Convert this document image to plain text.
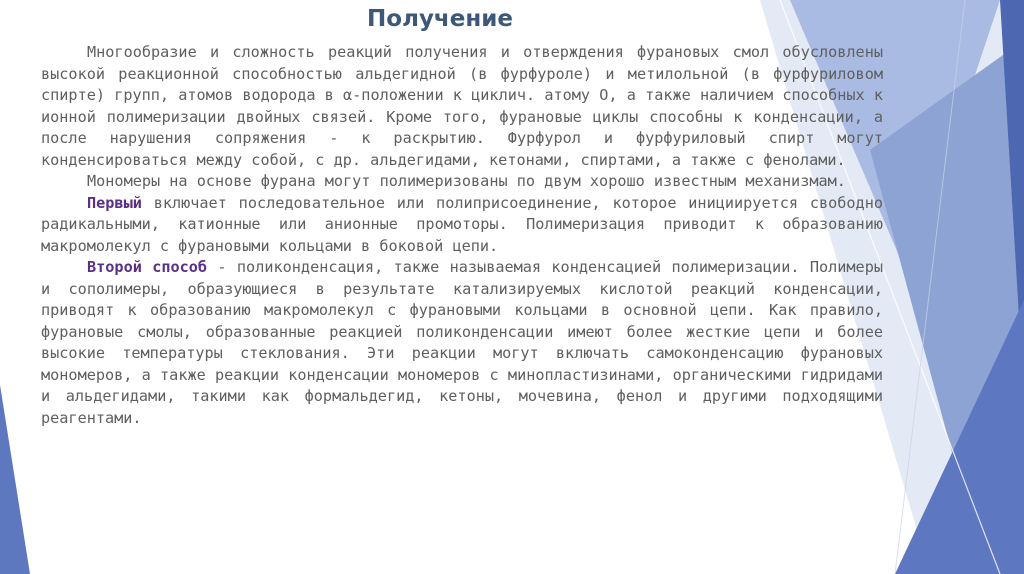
Получение

Многообразие и сложность реакций получения и отверждения фурановых смол обусловлены высокой реакционной способностью альдегидной (в фурфуроле) и метилольной (в фурфуриловом спирте) групп, атомов водорода в α-положении к циклич. атому О, а также наличием способных к ионной полимеризации двойных связей. Кроме того, фурановые циклы способны к конденсации, а после нарушения сопряжения - к раскрытию. Фурфурол и фурфуриловый спирт могут конденсироваться между собой, с др. альдегидами, кетонами, спиртами, а также с фенолами.

Мономеры на основе фурана могут полимеризованы по двум хорошо известным механизмам.

Первый включает последовательное или полиприсоединение, которое инициируется свободно радикальными, катионные или анионные промоторы. Полимеризация приводит к образованию макромолекул с фурановыми кольцами в боковой цепи.

Второй способ - поликонденсация, также называемая конденсацией полимеризации. Полимеры и сополимеры, образующиеся в результате катализируемых кислотой реакций конденсации, приводят к образованию макромолекул с фурановыми кольцами в основной цепи. Как правило, фурановые смолы, образованные реакцией поликонденсации имеют более жесткие цепи и более высокие температуры стеклования. Эти реакции могут включать самоконденсацию фурановых мономеров, а также реакции конденсации мономеров с минопластизинами, органическими гидридами и альдегидами, такими как формальдегид, кетоны, мочевина, фенол и другими подходящими реагентами.
